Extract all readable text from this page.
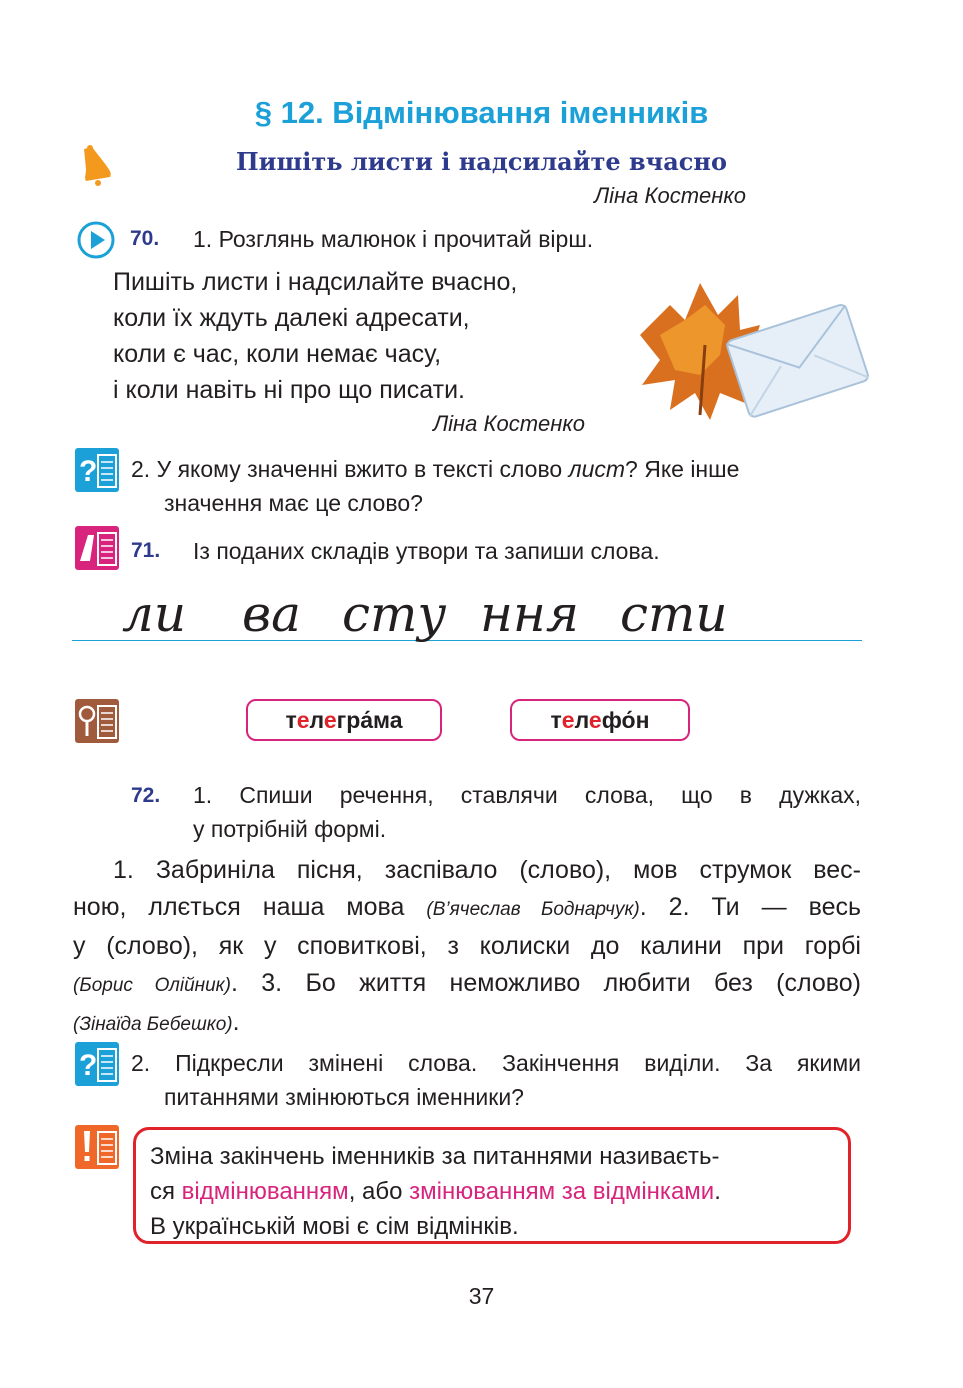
§ 12. Відмінювання іменників
Пишіть листи і надсилайте вчасно
Ліна Костенко
70. 1. Розглянь малюнок і прочитай вірш.
Пишіть листи і надсилайте вчасно,
коли їх ждуть далекі адресати,
коли є час, коли немає часу,
і коли навіть ні про що писати.
Ліна Костенко
? 2. У якому значенні вжито в тексті слово лист? Яке інше
значення має це слово?
71. Із поданих складів утвори та запиши слова.
ли ва сту ння сти
телегра́ма	телефо́н
72. 1. Спиши речення, ставлячи слова, що в дужках,
у потрібній формі.
1. Забриніла пісня, заспівало (слово), мов струмок вес-
ною, ллється наша мова (В’ячеслав Боднарчук). 2. Ти — весь
у (слово), як у сповиткові, з колиски до калини при горбі
(Борис Олійник). 3. Бо життя неможливо любити без (слово)
(Зінаїда Бебешко).
? 2. Підкресли змінені слова. Закінчення виділи. За якими
питаннями змінюються іменники?
Зміна закінчень іменників за питаннями називаєть-
ся відмінюванням, або змінюванням за відмінками.
В українській мові є сім відмінків.
37
